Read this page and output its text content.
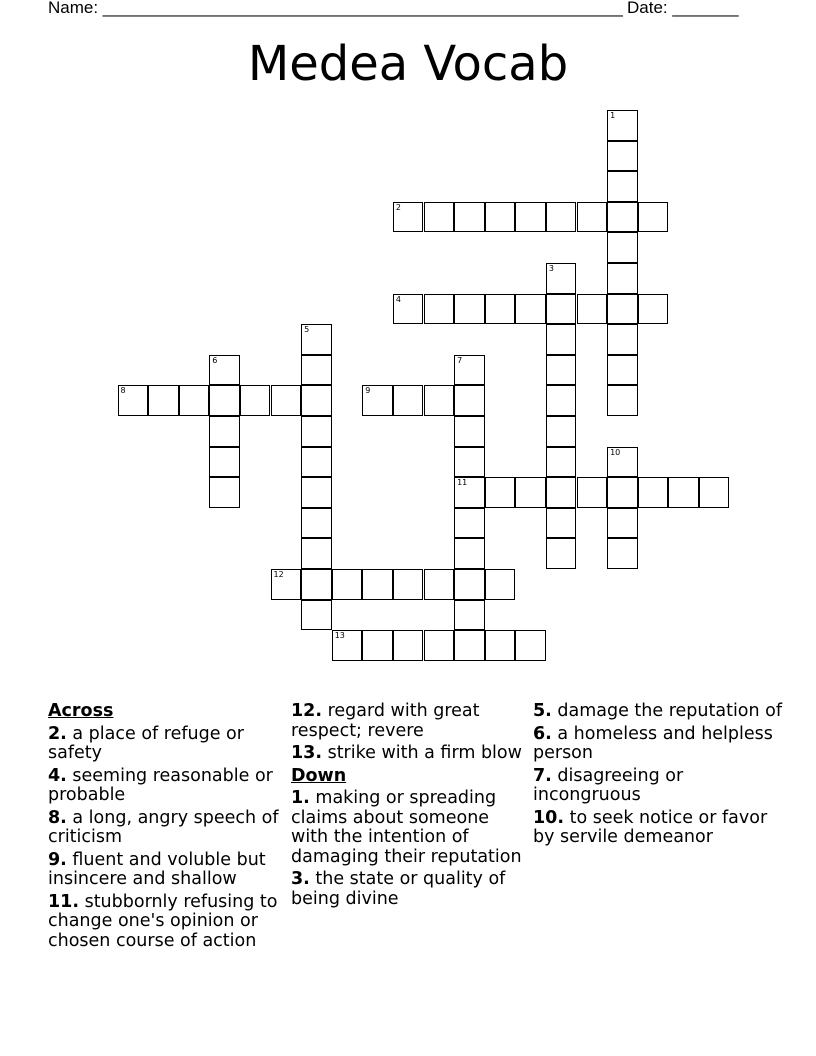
Name: _______________________________________________________ Date: _______
Medea Vocab
1
2
3
4
5
6	7
11
8	9
10
12
13
Across
2. a place of refuge or safety
4. seeming reasonable or probable
8. a long, angry speech of criticism
9. fluent and voluble but insincere and shallow
11. stubbornly refusing to change one's opinion or chosen course of action
12. regard with great respect; revere
13. strike with a firm blow
Down
1. making or spreading claims about someone with the intention of damaging their reputation
3. the state or quality of being divine
5. damage the reputation of
6. a homeless and helpless person
7. disagreeing or incongruous
10. to seek notice or favor by servile demeanor
